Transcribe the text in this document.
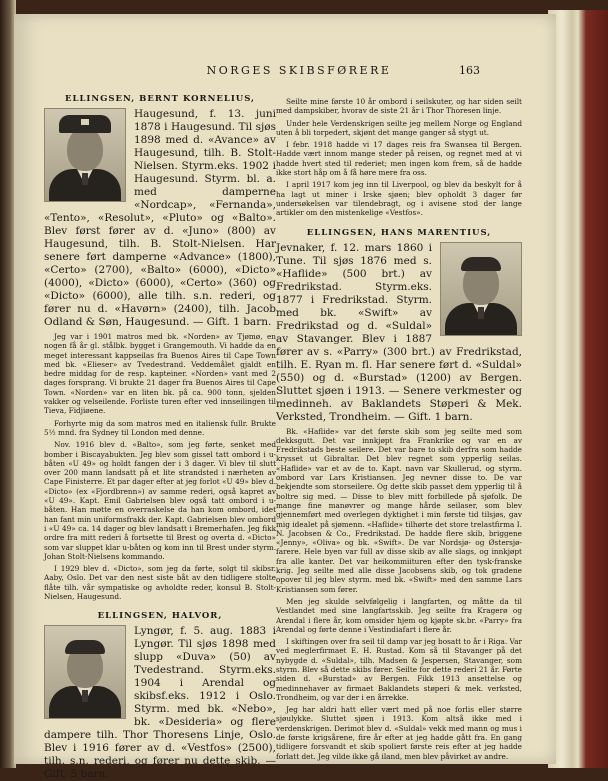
NORGES SKIBSFØRERE	163
ELLINGSEN, BERNT KORNELIUS,

Haugesund, f. 13. juni 1878 i Haugesund. Til sjøs 1898 med d. «Avance» av Haugesund, tilh. B. Stolt-Nielsen. Styrm.eks. 1902 i Haugesund. Styrm. bl. a. med damperne «Nordcap», «Fernanda», «Tento», «Resolut», «Pluto» og «Balto». Blev først fører av d. «Juno» (800) av Haugesund, tilh. B. Stolt-Nielsen. Har senere ført damperne «Advance» (1800), «Certo» (2700), «Balto» (6000), «Dicto» (4000), «Dicto» (6000), «Certo» (360) og «Dicto» (6000), alle tilh. s.n. rederi, og fører nu d. «Havørn» (2400), tilh. Jacob Odland & Søn, Haugesund. — Gift. 1 barn.

Jeg var i 1901 matros med bk. «Norden» av Tjømø, en nogen få år gl. stålbk. bygget i Grangemouth. Vi hadde da en meget interessant kappseilas fra Buenos Aires til Cape Town med bk. «Elieser» av Tvedestrand. Veddemålet gjaldt en bedre middag for de resp. kapteiner. «Norden» vant med 2 dages forsprang. Vi brukte 21 dager fra Buenos Aires til Cape Town. «Norden» var en liten bk. på ca. 900 tonn, sjelden vakker og velseilende. Forliste turen efter ved innseilingen til Tieva, Fidjiøene.

Forhyrte mig da som matros med en italiensk fullr. Brukte 5½ mnd. fra Sydney til London med denne.

Nov. 1916 blev d. «Balto», som jeg førte, senket med bomber i Biscayabukten. Jeg blev som gissel tatt ombord i u-båten «U 49» og holdt fangen der i 3 dager. Vi blev til slutt over 200 mann landsatt på et lite strandsted i nærheten av Cape Finisterre. Et par dager efter at jeg forlot «U 49» blev d. «Dicto» (ex «Fjordbrenn») av samme rederi, også kapret av «U 49». Kapt. Emil Gabrielsen blev også tatt ombord i u-båten. Han møtte en overraskelse da han kom ombord, idet han fant min uniformsfrakk der. Kapt. Gabrielsen blev ombord i «U 49» ca. 14 dager og blev landsatt i Bremerhafen. Jeg fikk ordre fra mitt rederi å fortsette til Brest og overta d. «Dicto» som var sluppet klar u-båten og kom inn til Brest under styrm. Johan Stolt-Nielsens kommando.

I 1929 blev d. «Dicto», som jeg da førte, solgt til skibsr. Aaby, Oslo. Det var den nest siste båt av den tidligere stolte flåte tilh. vår sympatiske og avholdte reder, konsul B. Stolt-Nielsen, Haugesund.

ELLINGSEN, HALVOR,

Lyngør, f. 5. aug. 1883 i Lyngør. Til sjøs 1898 med slupp «Duva» (50) av Tvedestrand. Styrm.eks. 1904 i Arendal og skibsf.eks. 1912 i Oslo. Styrm. med bk. «Nebo», bk. «Desideria» og flere dampere tilh. Thor Thoresens Linje, Oslo. Blev i 1916 fører av d. «Vestfos» (2500), tilh. s.n. rederi, og fører nu dette skib. — Gift. 5 barn.

Seilte mine første 10 år ombord i seilskuter, og har siden seilt med dampskiber, hvorav de siste 21 år i Thor Thoresen linje.

Under hele Verdenskrigen seilte jeg mellem Norge og England uten å bli torpedert, skjønt det mange ganger så stygt ut.

I febr. 1918 hadde vi 17 dages reis fra Swansea til Bergen. Hadde vært innom mange steder på reisen, og regnet med at vi hadde hvert sted til rederiet; men ingen kom frem, så de hadde ikke stort håp om å få høre mere fra oss.

I april 1917 kom jeg inn til Liverpool, og blev da beskylt for å ha lagt ut miner i Irske sjøen; blev opholdt 3 dager før undersøkelsen var tilendebragt, og i avisene stod der lange artikler om den mistenkelige «Vestfos».

ELLINGSEN, HANS MARENTIUS,

Jevnaker, f. 12. mars 1860 i Tune. Til sjøs 1876 med s. «Haflide» (500 brt.) av Fredrikstad. Styrm.eks. 1877 i Fredrikstad. Styrm. med bk. «Swift» av Fredrikstad og d. «Suldal» av Stavanger. Blev i 1887 fører av s. «Parry» (300 brt.) av Fredrikstad, tilh. E. Ryan m. fl. Har senere ført d. «Suldal» (550) og d. «Burstad» (1200) av Bergen. Sluttet sjøen i 1913. — Senere verkmester og medinneh. av Baklandets Støperi & Mek. Verksted, Trondheim. — Gift. 1 barn.

Bk. «Haflide» var det første skib som jeg seilte med som dekksgutt. Det var innkjøpt fra Frankrike og var en av Fredrikstads beste seilere. Det var bare to skib derfra som hadde krysset ut Gibraltar. Det blev regnet som ypperlig seilas. «Haflide» var et av de to. Kapt. navn var Skullerud, og styrm. ombord var Lars Kristiansen. Jeg nevner disse to. De var bekjendte som storseilere. Og dette skib passet dem ypperlig til å boltre sig med. — Disse to blev mitt forbillede på sjøfolk. De mange fine manøvrer og mange hårde seilaser, som blev gjennemført med overlegen dyktighet i min første tid tilsjøs, gav mig idealet på sjømenn. «Haflide» tilhørte det store trelastfirma I. N. Jacobsen & Co., Fredrikstad. De hadde flere skib, briggene «Jenny», «Oliva» og bk. «Swift». De var Nordsjø- og Østersjø-farere. Hele byen var full av disse skib av alle slags, og innkjøpt fra alle kanter. Det var heikommiituren efter den tysk-franske krig. Jeg seilte med alle disse Jacobsens skib, og tok gradene opover til jeg blev styrm. med bk. «Swift» med den samme Lars Kristiansen som fører.

Men jeg skulde selvfølgelig i langfarten, og måtte da til Vestlandet med sine langfartsskib. Jeg seilte fra Kragerø og Arendal i flere år, kom omsider hjem og kjøpte sk.br. «Parry» fra Arendal og førte denne i Vestindiafart i flere år.

I skiftingen over fra seil til damp var jeg bosatt to år i Riga. Var ved meglerfirmaet E. H. Rustad. Kom så til Stavanger på det nybygde d. «Suldal», tilh. Madsen & Jespersen, Stavanger, som styrm. Blev så dette skibs fører. Seilte for dette rederi 21 år. Førte siden d. «Burstad» av Bergen. Fikk 1913 ansettelse og medinnehaver av firmaet Baklandets støperi & mek. verksted, Trondheim, og var der i en årrekke.

Jeg har aldri hatt eller vært med på noe forlis eller større sjøulykke. Sluttet sjøen i 1913. Kom altså ikke med i verdenskrigen. Derimot blev d. «Suldal» vekk med mann og mus i de første krigsårene, fire år efter at jeg hadde gått fra. En gang tidligere forsvandt et skib spoliert første reis efter at jeg hadde forlatt det. Jeg vilde ikke gå iland, men blev påvirket av andre.
